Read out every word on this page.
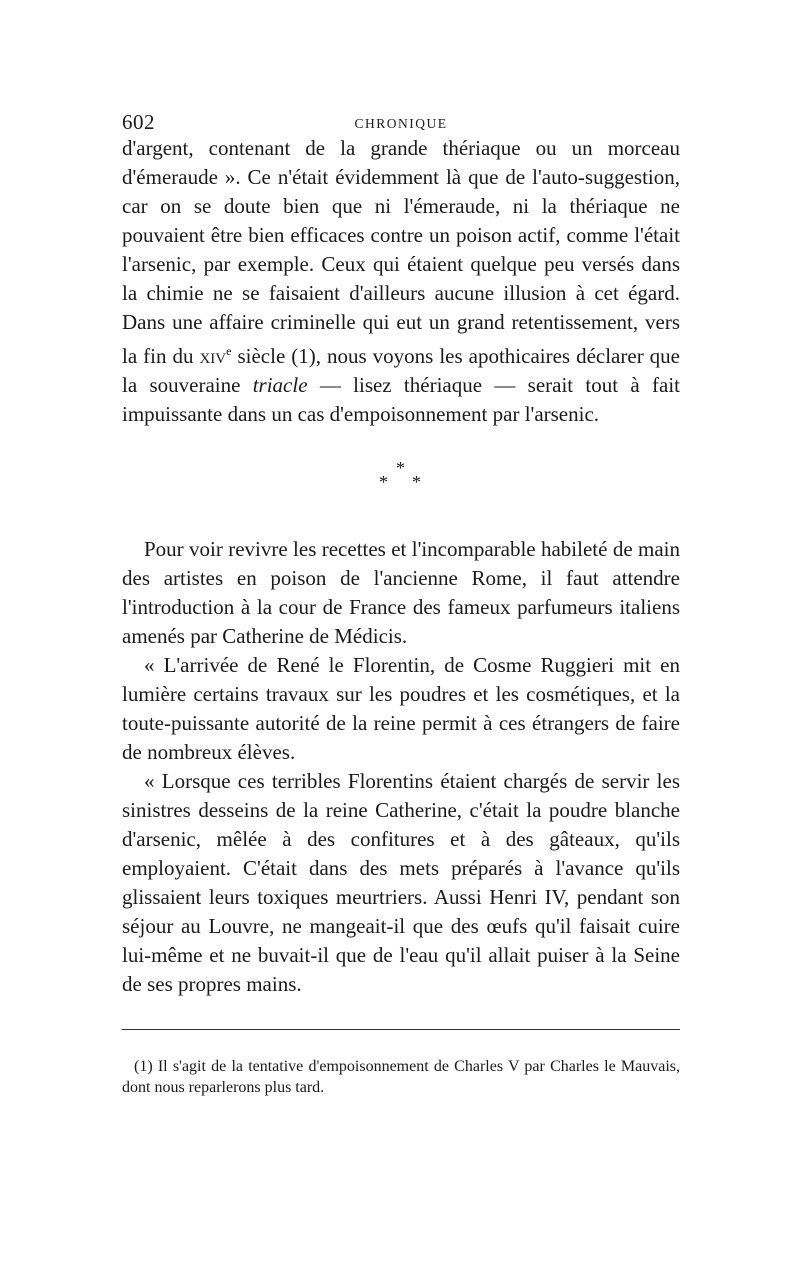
602	CHRONIQUE

d'argent, contenant de la grande thériaque ou un morceau d'émeraude ». Ce n'était évidemment là que de l'auto-suggestion, car on se doute bien que ni l'émeraude, ni la thériaque ne pouvaient être bien efficaces contre un poison actif, comme l'était l'arsenic, par exemple. Ceux qui étaient quelque peu versés dans la chimie ne se faisaient d'ailleurs aucune illusion à cet égard. Dans une affaire criminelle qui eut un grand retentissement, vers la fin du xiv$^e$ siècle (1), nous voyons les apothicaires déclarer que la souveraine triacle — lisez thériaque — serait tout à fait impuissante dans un cas d'empoisonnement par l'arsenic.

*
* *

Pour voir revivre les recettes et l'incomparable habileté de main des artistes en poison de l'ancienne Rome, il faut attendre l'introduction à la cour de France des fameux parfumeurs italiens amenés par Catherine de Médicis.

« L'arrivée de René le Florentin, de Cosme Ruggieri mit en lumière certains travaux sur les poudres et les cosmétiques, et la toute-puissante autorité de la reine permit à ces étrangers de faire de nombreux élèves.

« Lorsque ces terribles Florentins étaient chargés de servir les sinistres desseins de la reine Catherine, c'était la poudre blanche d'arsenic, mêlée à des confitures et à des gâteaux, qu'ils employaient. C'était dans des mets préparés à l'avance qu'ils glissaient leurs toxiques meurtriers. Aussi Henri IV, pendant son séjour au Louvre, ne mangeait-il que des œufs qu'il faisait cuire lui-même et ne buvait-il que de l'eau qu'il allait puiser à la Seine de ses propres mains.

(1) Il s'agit de la tentative d'empoisonnement de Charles V par Charles le Mauvais, dont nous reparlerons plus tard.
